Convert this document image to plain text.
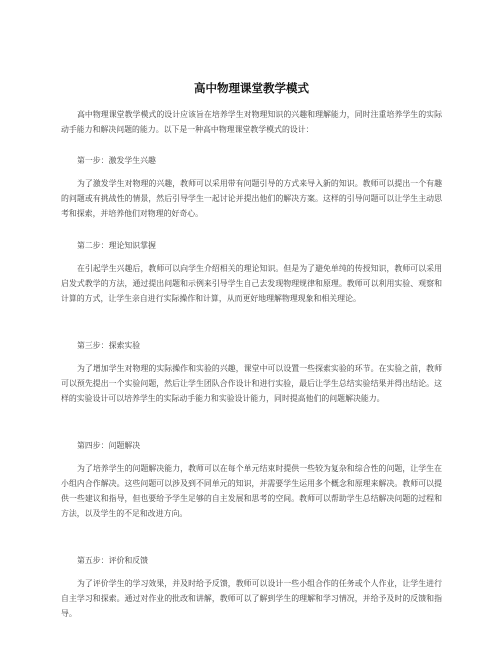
高中物理课堂教学模式

高中物理课堂教学模式的设计应该旨在培养学生对物理知识的兴趣和理解能力，同时注重培养学生的实际动手能力和解决问题的能力。以下是一种高中物理课堂教学模式的设计：

第一步：激发学生兴趣

为了激发学生对物理的兴趣，教师可以采用带有问题引导的方式来导入新的知识。教师可以提出一个有趣的问题或有挑战性的情景，然后引导学生一起讨论并提出他们的解决方案。这样的引导问题可以让学生主动思考和探索，并培养他们对物理的好奇心。

第二步：理论知识掌握

在引起学生兴趣后，教师可以向学生介绍相关的理论知识。但是为了避免单纯的传授知识，教师可以采用启发式教学的方法，通过提出问题和示例来引导学生自己去发现物理规律和原理。教师可以利用实验、观察和计算的方式，让学生亲自进行实际操作和计算，从而更好地理解物理现象和相关理论。

第三步：探索实验

为了增加学生对物理的实际操作和实验的兴趣，课堂中可以设置一些探索实验的环节。在实验之前，教师可以预先提出一个实验问题，然后让学生团队合作设计和进行实验，最后让学生总结实验结果并得出结论。这样的实验设计可以培养学生的实际动手能力和实验设计能力，同时提高他们的问题解决能力。

第四步：问题解决

为了培养学生的问题解决能力，教师可以在每个单元结束时提供一些较为复杂和综合性的问题，让学生在小组内合作解决。这些问题可以涉及到不同单元的知识，并需要学生运用多个概念和原理来解决。教师可以提供一些建议和指导，但也要给予学生足够的自主发展和思考的空间。教师可以帮助学生总结解决问题的过程和方法，以及学生的不足和改进方向。

第五步：评价和反馈

为了评价学生的学习效果，并及时给予反馈，教师可以设计一些小组合作的任务或个人作业，让学生进行自主学习和探索。通过对作业的批改和讲解，教师可以了解到学生的理解和学习情况，并给予及时的反馈和指导。
